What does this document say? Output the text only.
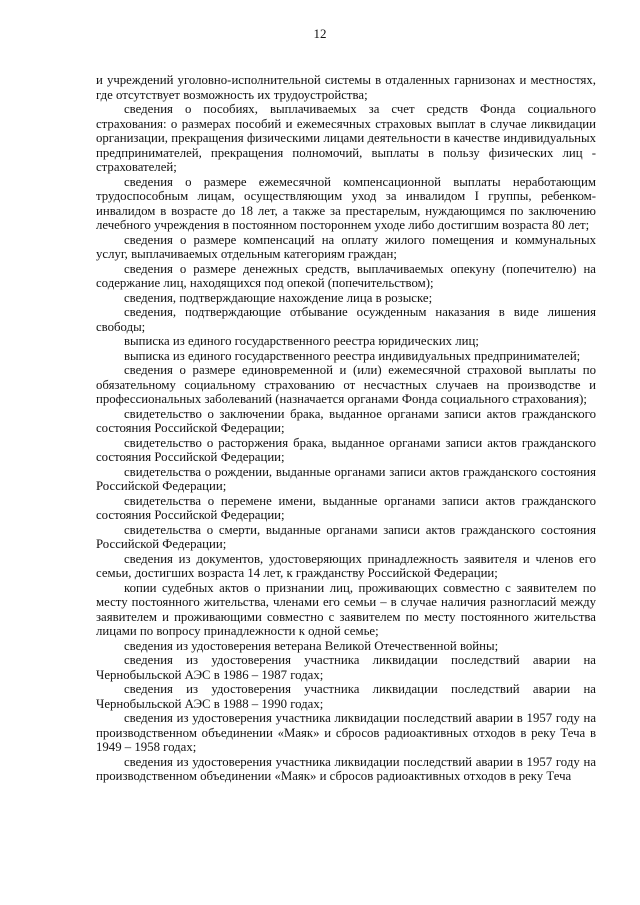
12

и учреждений уголовно-исполнительной системы в отдаленных гарнизонах и местностях, где отсутствует возможность их трудоустройства;

сведения о пособиях, выплачиваемых за счет средств Фонда социального страхования: о размерах пособий и ежемесячных страховых выплат в случае ликвидации организации, прекращения физическими лицами деятельности в качестве индивидуальных предпринимателей, прекращения полномочий, выплаты в пользу физических лиц - страхователей;

сведения о размере ежемесячной компенсационной выплаты неработающим трудоспособным лицам, осуществляющим уход за инвалидом I группы, ребенком-инвалидом в возрасте до 18 лет, а также за престарелым, нуждающимся по заключению лечебного учреждения в постоянном постороннем уходе либо достигшим возраста 80 лет;

сведения о размере компенсаций на оплату жилого помещения и коммунальных услуг, выплачиваемых отдельным категориям граждан;

сведения о размере денежных средств, выплачиваемых опекуну (попечителю) на содержание лиц, находящихся под опекой (попечительством);

сведения, подтверждающие нахождение лица в розыске;

сведения, подтверждающие отбывание осужденным наказания в виде лишения свободы;

выписка из единого государственного реестра юридических лиц;

выписка из единого государственного реестра индивидуальных предпринимателей;

сведения о размере единовременной и (или) ежемесячной страховой выплаты по обязательному социальному страхованию от несчастных случаев на производстве и профессиональных заболеваний (назначается органами Фонда социального страхования);

свидетельство о заключении брака, выданное органами записи актов гражданского состояния Российской Федерации;

свидетельство о расторжения брака, выданное органами записи актов гражданского состояния Российской Федерации;

свидетельства о рождении, выданные органами записи актов гражданского состояния Российской Федерации;

свидетельства о перемене имени, выданные органами записи актов гражданского состояния Российской Федерации;

свидетельства о смерти, выданные органами записи актов гражданского состояния Российской Федерации;

сведения из документов, удостоверяющих принадлежность заявителя и членов его семьи, достигших возраста 14 лет, к гражданству Российской Федерации;

копии судебных актов о признании лиц, проживающих совместно с заявителем по месту постоянного жительства, членами его семьи – в случае наличия разногласий между заявителем и проживающими совместно с заявителем по месту постоянного жительства лицами по вопросу принадлежности к одной семье;

сведения из удостоверения ветерана Великой Отечественной войны;

сведения из удостоверения участника ликвидации последствий аварии на Чернобыльской АЭС в 1986 – 1987 годах;

сведения из удостоверения участника ликвидации последствий аварии на Чернобыльской АЭС в 1988 – 1990 годах;

сведения из удостоверения участника ликвидации последствий аварии в 1957 году на производственном объединении «Маяк» и сбросов радиоактивных отходов в реку Теча в 1949 – 1958 годах;

сведения из удостоверения участника ликвидации последствий аварии в 1957 году на производственном объединении «Маяк» и сбросов радиоактивных отходов в реку Теча
